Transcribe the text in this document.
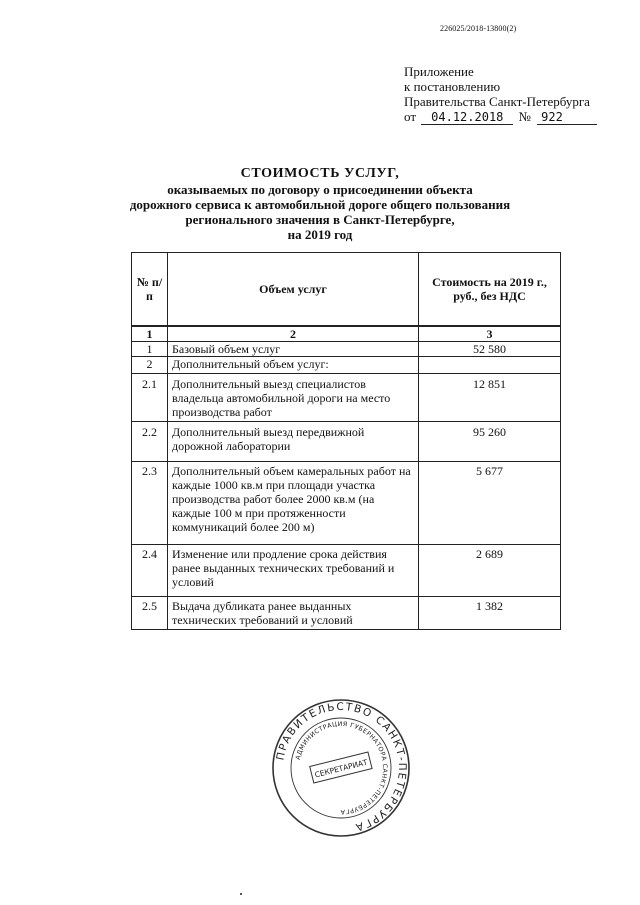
226025/2018-13800(2)
Приложение
к постановлению
Правительства Санкт-Петербурга
от 04.12.2018 № 922
СТОИМОСТЬ УСЛУГ,
оказываемых по договору о присоединении объекта
дорожного сервиса к автомобильной дороге общего пользования
регионального значения в Санкт-Петербурге,
на 2019 год
№ п/п	Объем услуг	Стоимость на 2019 г., руб., без НДС
1	2	3
1	Базовый объем услуг	52 580
2	Дополнительный объем услуг:	
2.1	Дополнительный выезд специалистов владельца автомобильной дороги на место производства работ	12 851
2.2	Дополнительный выезд передвижной дорожной лаборатории	95 260
2.3	Дополнительный объем камеральных работ на каждые 1000 кв.м при площади участка производства работ более 2000 кв.м (на каждые 100 м при протяженности коммуникаций более 200 м)	5 677
2.4	Изменение или продление срока действия ранее выданных технических требований и условий	2 689
2.5	Выдача дубликата ранее выданных технических требований и условий	1 382
ПРАВИТЕЛЬСТВО САНКТ-ПЕТЕРБУРГА
АДМИНИСТРАЦИЯ ГУБЕРНАТОРА САНКТ-ПЕТЕРБУРГА
СЕКРЕТАРИАТ
